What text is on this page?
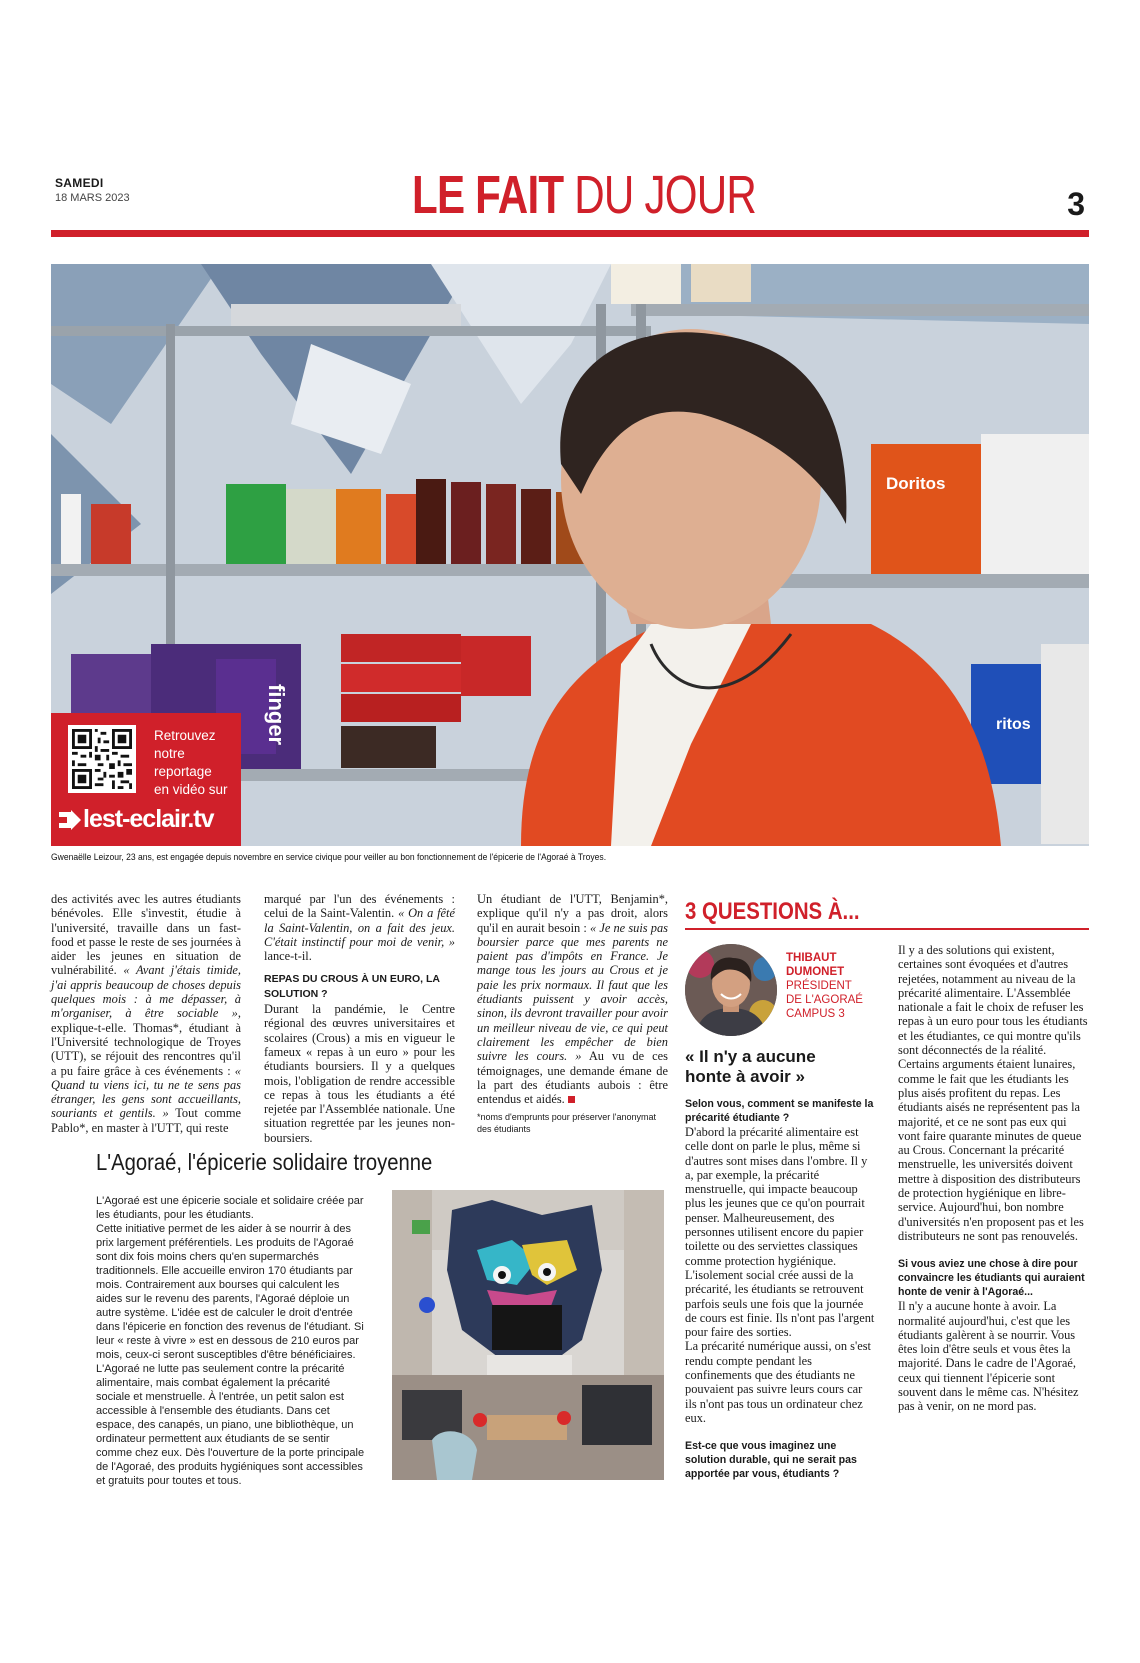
SAMEDI
18 MARS 2023	LE FAIT DU JOUR	3
Doritos
finger	ritos
Retrouvez
notre
reportage
en vidéo sur
lest-eclair.tv
Gwenaëlle Leizour, 23 ans, est engagée depuis novembre en service civique pour veiller au bon fonctionnement de l'épicerie de l'Agoraé à Troyes.

des activités avec les autres étudiants bénévoles. Elle s'investit, étudie à l'université, travaille dans un fast-food et passe le reste de ses journées à aider les jeunes en situation de vulnérabilité. « Avant j'étais timide, j'ai appris beaucoup de choses depuis quelques mois : à me dépasser, à m'organiser, à être sociable », explique-t-elle. Thomas*, étudiant à l'Université technologique de Troyes (UTT), se réjouit des rencontres qu'il a pu faire grâce à ces événements : « Quand tu viens ici, tu ne te sens pas étranger, les gens sont accueillants, souriants et gentils. » Tout comme Pablo*, en master à l'UTT, qui reste

marqué par l'un des événements : celui de la Saint-Valentin. « On a fêté la Saint-Valentin, on a fait des jeux. C'était instinctif pour moi de venir, » lance-t-il.

REPAS DU CROUS À UN EURO, LA SOLUTION ?

Durant la pandémie, le Centre régional des œuvres universitaires et scolaires (Crous) a mis en vigueur le fameux « repas à un euro » pour les étudiants boursiers. Il y a quelques mois, l'obligation de rendre accessible ce repas à tous les étudiants a été rejetée par l'Assemblée nationale. Une situation regrettée par les jeunes non-boursiers.

Un étudiant de l'UTT, Benjamin*, explique qu'il n'y a pas droit, alors qu'il en aurait besoin : « Je ne suis pas boursier parce que mes parents ne paient pas d'impôts en France. Je mange tous les jours au Crous et je paie les prix normaux. Il faut que les étudiants puissent y avoir accès, sinon, ils devront travailler pour avoir un meilleur niveau de vie, ce qui peut clairement les empêcher de bien suivre les cours. » Au vu de ces témoignages, une demande émane de la part des étudiants aubois : être entendus et aidés.

*noms d'emprunts pour préserver l'anonymat des étudiants
3 QUESTIONS À...
THIBAUT
DUMONET
PRÉSIDENT
DE L'AGORAÉ
CAMPUS 3
« Il n'y a aucune honte à avoir »

Selon vous, comment se manifeste la précarité étudiante ?

D'abord la précarité alimentaire est celle dont on parle le plus, même si d'autres sont mises dans l'ombre. Il y a, par exemple, la précarité menstruelle, qui impacte beaucoup plus les jeunes que ce qu'on pourrait penser. Malheureusement, des personnes utilisent encore du papier toilette ou des serviettes classiques comme protection hygiénique. L'isolement social crée aussi de la précarité, les étudiants se retrouvent parfois seuls une fois que la journée de cours est finie. Ils n'ont pas l'argent pour faire des sorties.

La précarité numérique aussi, on s'est rendu compte pendant les confinements que des étudiants ne pouvaient pas suivre leurs cours car ils n'ont pas tous un ordinateur chez eux.

Est-ce que vous imaginez une solution durable, qui ne serait pas apportée par vous, étudiants ?

Il y a des solutions qui existent, certaines sont évoquées et d'autres rejetées, notamment au niveau de la précarité alimentaire. L'Assemblée nationale a fait le choix de refuser les repas à un euro pour tous les étudiants et les étudiantes, ce qui montre qu'ils sont déconnectés de la réalité. Certains arguments étaient lunaires, comme le fait que les étudiants les plus aisés profitent du repas. Les étudiants aisés ne représentent pas la majorité, et ce ne sont pas eux qui vont faire quarante minutes de queue au Crous. Concernant la précarité menstruelle, les universités doivent mettre à disposition des distributeurs de protection hygiénique en libre-service. Aujourd'hui, bon nombre d'universités n'en proposent pas et les distributeurs ne sont pas renouvelés.

Si vous aviez une chose à dire pour convaincre les étudiants qui auraient honte de venir à l'Agoraé...

Il n'y a aucune honte à avoir. La normalité aujourd'hui, c'est que les étudiants galèrent à se nourrir. Vous êtes loin d'être seuls et vous êtes la majorité. Dans le cadre de l'Agoraé, ceux qui tiennent l'épicerie sont souvent dans le même cas. N'hésitez pas à venir, on ne mord pas.

L'Agoraé, l'épicerie solidaire troyenne

L'Agoraé est une épicerie sociale et solidaire créée par les étudiants, pour les étudiants.

Cette initiative permet de les aider à se nourrir à des prix largement préférentiels. Les produits de l'Agoraé sont dix fois moins chers qu'en supermarchés traditionnels. Elle accueille environ 170 étudiants par mois. Contrairement aux bourses qui calculent les aides sur le revenu des parents, l'Agoraé déploie un autre système. L'idée est de calculer le droit d'entrée dans l'épicerie en fonction des revenus de l'étudiant. Si leur « reste à vivre » est en dessous de 210 euros par mois, ceux-ci seront susceptibles d'être bénéficiaires.

L'Agoraé ne lutte pas seulement contre la précarité alimentaire, mais combat également la précarité sociale et menstruelle. À l'entrée, un petit salon est accessible à l'ensemble des étudiants. Dans cet espace, des canapés, un piano, une bibliothèque, un ordinateur permettent aux étudiants de se sentir comme chez eux. Dès l'ouverture de la porte principale de l'Agoraé, des produits hygiéniques sont accessibles et gratuits pour toutes et tous.
